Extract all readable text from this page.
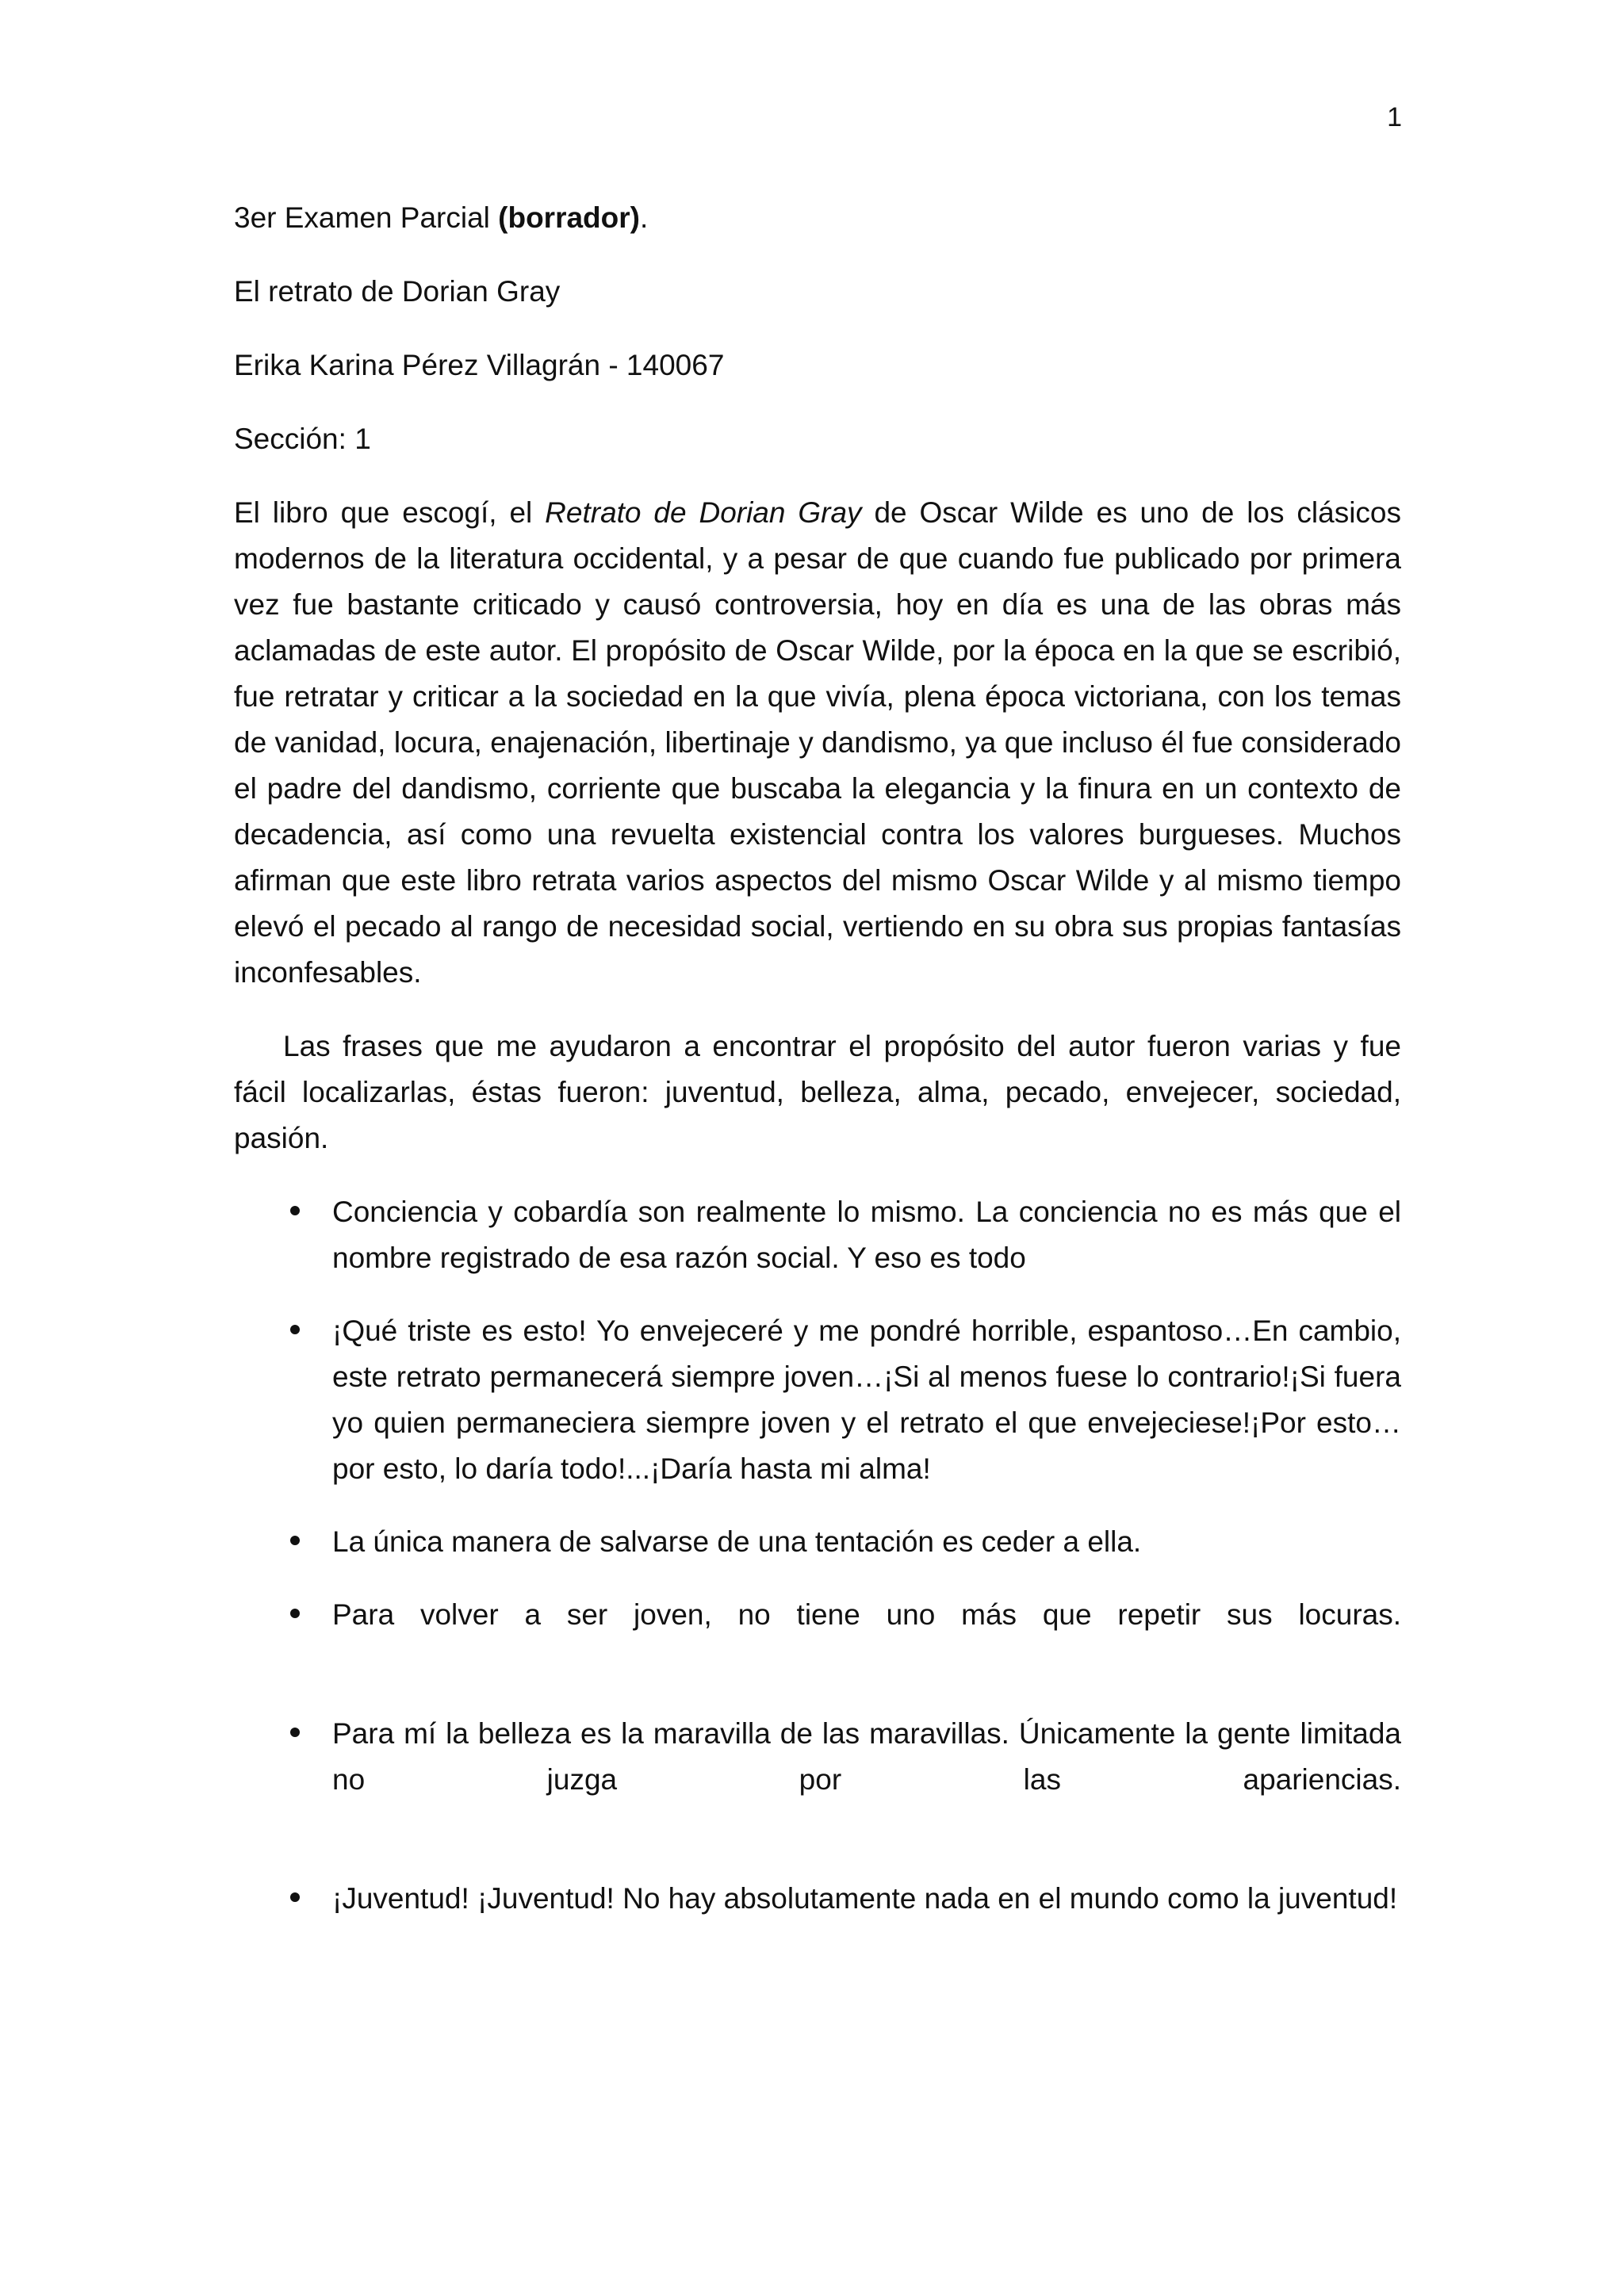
1
3er Examen Parcial (borrador).
El retrato de Dorian Gray
Erika Karina Pérez Villagrán - 140067
Sección: 1

El libro que escogí, el Retrato de Dorian Gray de Oscar Wilde es uno de los clásicos modernos de la literatura occidental, y a pesar de que cuando fue publicado por primera vez fue bastante criticado y causó controversia, hoy en día es una de las obras más aclamadas de este autor. El propósito de Oscar Wilde, por la época en la que se escribió, fue retratar y criticar a la sociedad en la que vivía, plena época victoriana, con los temas de vanidad, locura, enajenación, libertinaje y dandismo, ya que incluso él fue considerado el padre del dandismo, corriente que buscaba la elegancia y la finura en un contexto de decadencia, así como una revuelta existencial contra los valores burgueses. Muchos afirman que este libro retrata varios aspectos del mismo Oscar Wilde y al mismo tiempo elevó el pecado al rango de necesidad social, vertiendo en su obra sus propias fantasías inconfesables.

Las frases que me ayudaron a encontrar el propósito del autor fueron varias y fue fácil localizarlas, éstas fueron: juventud, belleza, alma, pecado, envejecer, sociedad, pasión.

Conciencia y cobardía son realmente lo mismo. La conciencia no es más que el nombre registrado de esa razón social. Y eso es todo
¡Qué triste es esto! Yo envejeceré y me pondré horrible, espantoso…En cambio, este retrato permanecerá siempre joven…¡Si al menos fuese lo contrario!¡Si fuera yo quien permaneciera siempre joven y el retrato el que envejeciese!¡Por esto… por esto, lo daría todo!...¡Daría hasta mi alma!
La única manera de salvarse de una tentación es ceder a ella.
Para volver a ser joven, no tiene uno más que repetir sus locuras.
Para mí la belleza es la maravilla de las maravillas. Únicamente la gente limitada no juzga por las apariencias.
¡Juventud! ¡Juventud! No hay absolutamente nada en el mundo como la juventud!
